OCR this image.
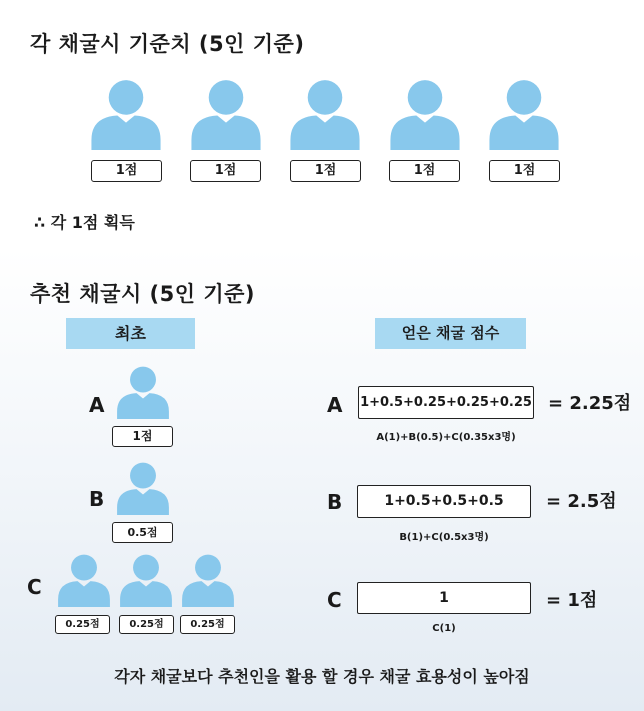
각 채굴시 기준치 (5인 기준)
1점	1점	1점	1점	1점
∴ 각 1점 획득
추천 채굴시 (5인 기준)
최초	얻은 채굴 점수
A
1점
B
0.5점
C
0.25점	0.25점	0.25점
A 1+0.5+0.25+0.25+0.25 = 2.25점
A(1)+B(0.5)+C(0.35x3명)
B	1+0.5+0.5+0.5	= 2.5점
B(1)+C(0.5x3명)
C	1	= 1점
C(1)
각자 채굴보다 추천인을 활용 할 경우 채굴 효용성이 높아짐
